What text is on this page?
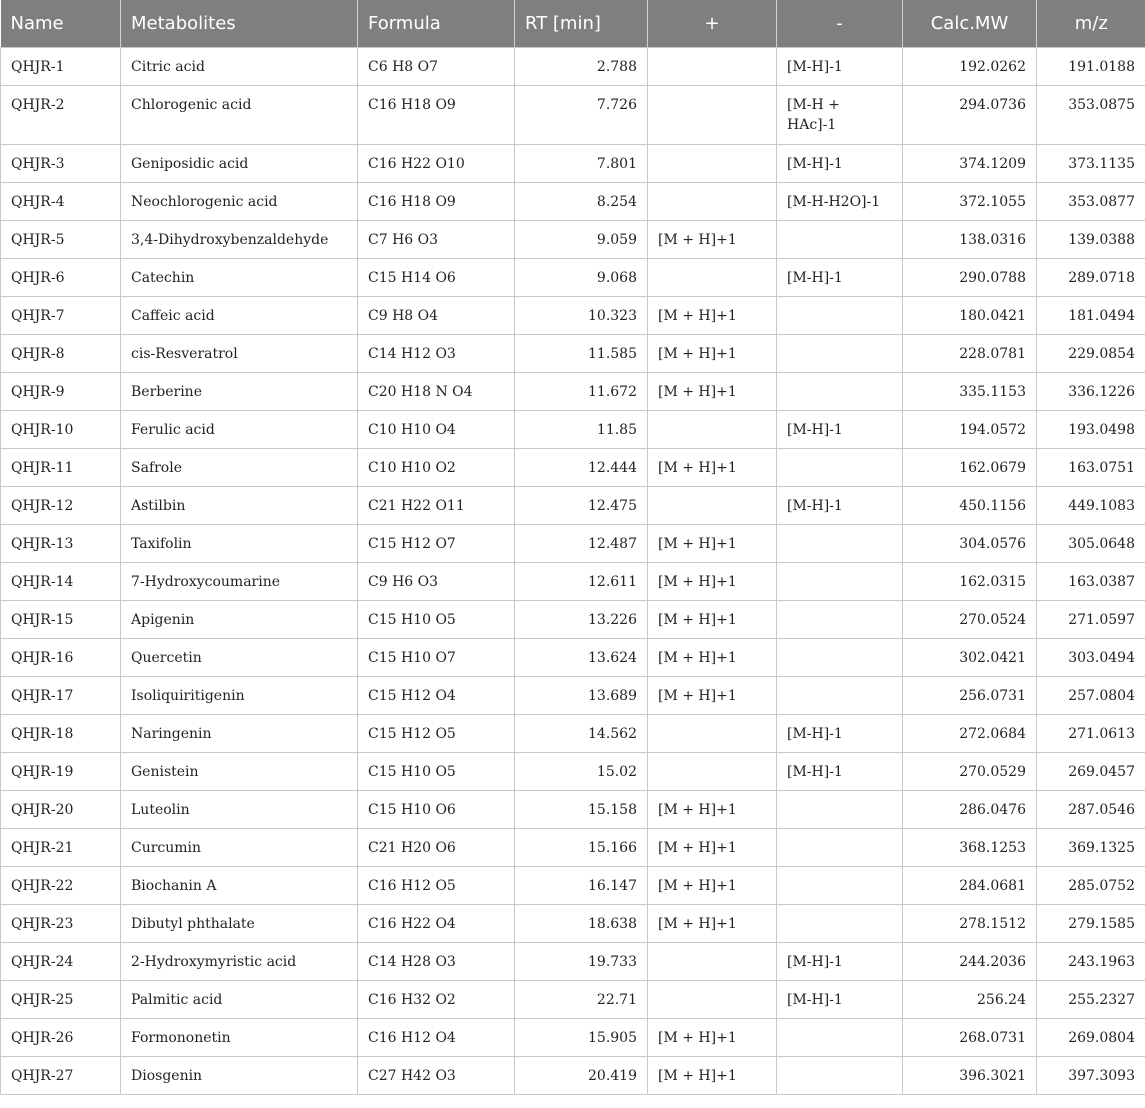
Name	Metabolites	Formula	RT [min]	+	-	Calc.MW	m/z
QHJR-1	Citric acid	C6 H8 O7	2.788		[M-H]-1	192.0262	191.0188
QHJR-2	Chlorogenic acid	C16 H18 O9	7.726		[M-H + HAc]-1	294.0736	353.0875
QHJR-3	Geniposidic acid	C16 H22 O10	7.801		[M-H]-1	374.1209	373.1135
QHJR-4	Neochlorogenic acid	C16 H18 O9	8.254		[M-H-H2O]-1	372.1055	353.0877
QHJR-5	3,4-Dihydroxybenzaldehyde	C7 H6 O3	9.059	[M + H]+1		138.0316	139.0388
QHJR-6	Catechin	C15 H14 O6	9.068		[M-H]-1	290.0788	289.0718
QHJR-7	Caffeic acid	C9 H8 O4	10.323	[M + H]+1		180.0421	181.0494
QHJR-8	cis-Resveratrol	C14 H12 O3	11.585	[M + H]+1		228.0781	229.0854
QHJR-9	Berberine	C20 H18 N O4	11.672	[M + H]+1		335.1153	336.1226
QHJR-10	Ferulic acid	C10 H10 O4	11.85		[M-H]-1	194.0572	193.0498
QHJR-11	Safrole	C10 H10 O2	12.444	[M + H]+1		162.0679	163.0751
QHJR-12	Astilbin	C21 H22 O11	12.475		[M-H]-1	450.1156	449.1083
QHJR-13	Taxifolin	C15 H12 O7	12.487	[M + H]+1		304.0576	305.0648
QHJR-14	7-Hydroxycoumarine	C9 H6 O3	12.611	[M + H]+1		162.0315	163.0387
QHJR-15	Apigenin	C15 H10 O5	13.226	[M + H]+1		270.0524	271.0597
QHJR-16	Quercetin	C15 H10 O7	13.624	[M + H]+1		302.0421	303.0494
QHJR-17	Isoliquiritigenin	C15 H12 O4	13.689	[M + H]+1		256.0731	257.0804
QHJR-18	Naringenin	C15 H12 O5	14.562		[M-H]-1	272.0684	271.0613
QHJR-19	Genistein	C15 H10 O5	15.02		[M-H]-1	270.0529	269.0457
QHJR-20	Luteolin	C15 H10 O6	15.158	[M + H]+1		286.0476	287.0546
QHJR-21	Curcumin	C21 H20 O6	15.166	[M + H]+1		368.1253	369.1325
QHJR-22	Biochanin A	C16 H12 O5	16.147	[M + H]+1		284.0681	285.0752
QHJR-23	Dibutyl phthalate	C16 H22 O4	18.638	[M + H]+1		278.1512	279.1585
QHJR-24	2-Hydroxymyristic acid	C14 H28 O3	19.733		[M-H]-1	244.2036	243.1963
QHJR-25	Palmitic acid	C16 H32 O2	22.71		[M-H]-1	256.24	255.2327
QHJR-26	Formononetin	C16 H12 O4	15.905	[M + H]+1		268.0731	269.0804
QHJR-27	Diosgenin	C27 H42 O3	20.419	[M + H]+1		396.3021	397.3093
